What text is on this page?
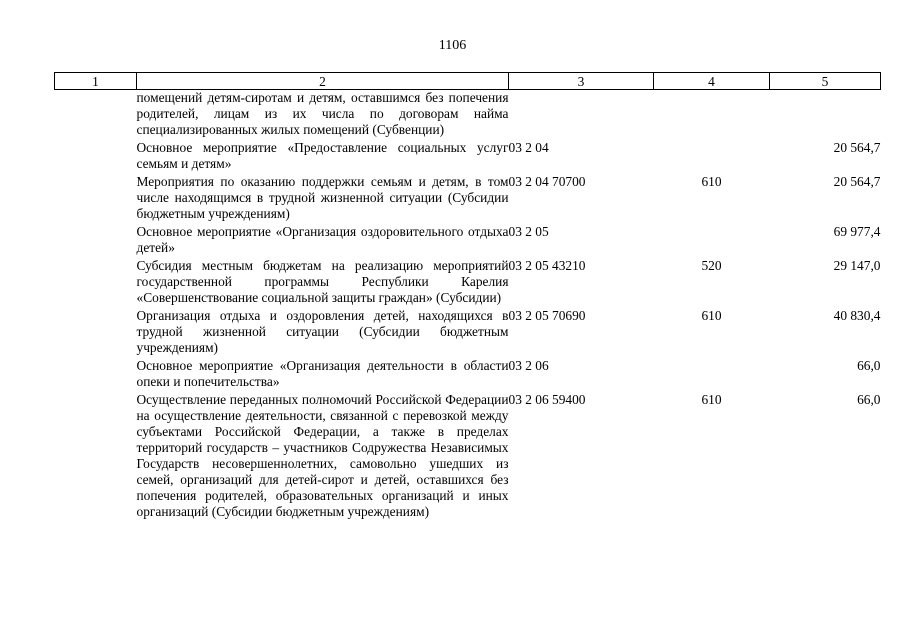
1106
1	2	3	4	5
	помещений детям-сиротам и детям, оставшимся без попечения родителей, лицам из их числа по договорам найма специализированных жилых помещений (Субвенции)			
	Основное мероприятие «Предоставление социальных услуг семьям и детям»	03 2 04		20 564,7
	Мероприятия по оказанию поддержки семьям и детям, в том числе находящимся в трудной жизненной ситуации (Субсидии бюджетным учреждениям)	03 2 04 70700	610	20 564,7
	Основное мероприятие «Организация оздоровительного отдыха детей»	03 2 05		69 977,4
	Субсидия местным бюджетам на реализацию мероприятий государственной программы Республики Карелия «Совершенствование социальной защиты граждан» (Субсидии)	03 2 05 43210	520	29 147,0
	Организация отдыха и оздоровления детей, находящихся в трудной жизненной ситуации (Субсидии бюджетным учреждениям)	03 2 05 70690	610	40 830,4
	Основное мероприятие «Организация деятельности в области опеки и попечительства»	03 2 06		66,0
	Осуществление переданных полномочий Российской Федерации на осуществление деятельности, связанной с перевозкой между субъектами Российской Федерации, а также в пределах территорий государств – участников Содружества Независимых Государств несовершеннолетних, самовольно ушедших из семей, организаций для детей-сирот и детей, оставшихся без попечения родителей, образовательных организаций и иных организаций (Субсидии бюджетным учреждениям)	03 2 06 59400	610	66,0
